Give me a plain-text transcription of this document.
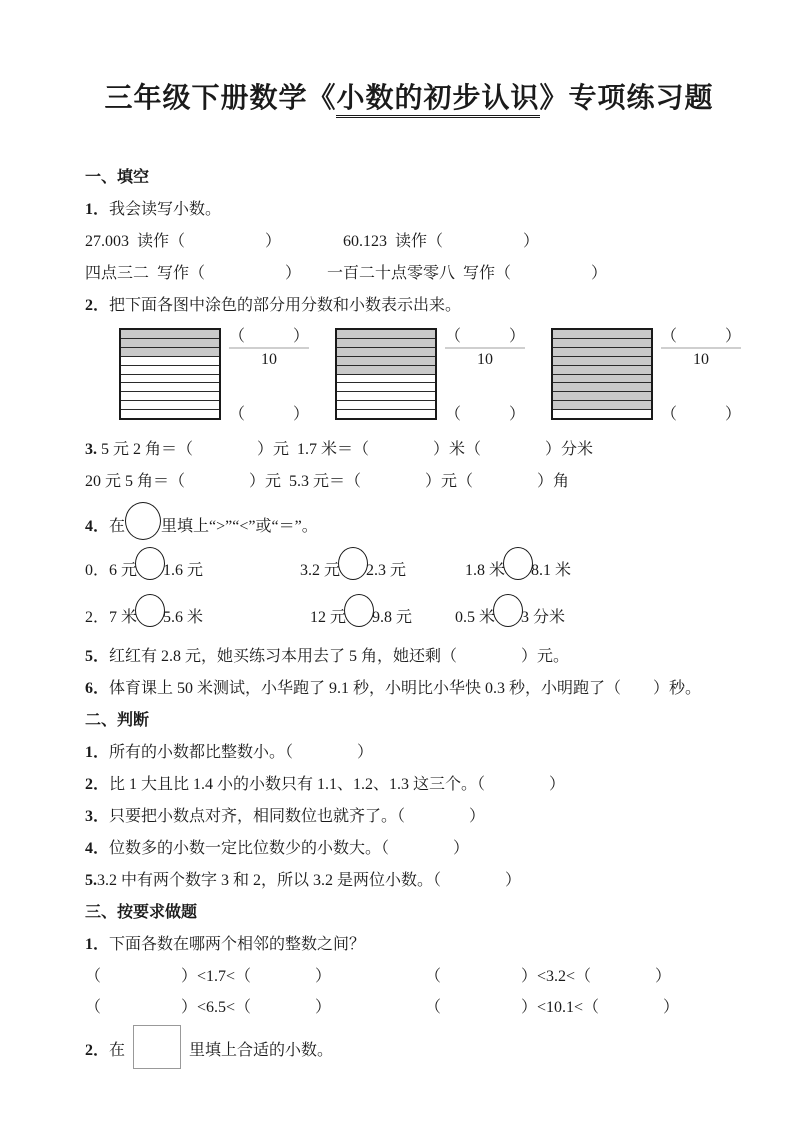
三年级下册数学《小数的初步认识》专项练习题
一、填空
1．我会读写小数。
27.003  读作（　　　　　）	60.123  读作（　　　　　）
四点三二  写作（　　　　　） 一百二十点零零八  写作（　　　　　）
2．把下面各图中涂色的部分用分数和小数表示出来。
$\frac{( )}{10}$
（　　　）
$\frac{( )}{10}$
（　　　）
$\frac{( )}{10}$
（　　　）
3. 5 元 2 角＝（　　　　）元  1.7 米＝（　　　　）米（　　　　）分米
20 元 5 角＝（　　　　）元  5.3 元＝（　　　　）元（　　　　）角
4．在 里填上“>”“<”或“＝”。
0．6 元 1.6 元	3.2 元 2.3 元	1.8 米 8.1 米
2．7 米 5.6 米	12 元 9.8 元	0.5 米 3 分米
5．红红有 2.8 元，她买练习本用去了 5 角，她还剩（　　　　）元。
6．体育课上 50 米测试，小华跑了 9.1 秒，小明比小华快 0.3 秒，小明跑了（　　）秒。
二、判断
1．所有的小数都比整数小。（　　　　）
2．比 1 大且比 1.4 小的小数只有 1.1、1.2、1.3 这三个。（　　　　）
3．只要把小数点对齐，相同数位也就齐了。（　　　　）
4．位数多的小数一定比位数少的小数大。（　　　　）
5.3.2 中有两个数字 3 和 2，所以 3.2 是两位小数。（　　　　）
三、按要求做题
1．下面各数在哪两个相邻的整数之间？
（　　　　　）<1.7<（　　　　）	（　　　　　）<3.2<（　　　　）
（　　　　　）<6.5<（　　　　）	（　　　　　）<10.1<（　　　　）
2．在	里填上合适的小数。
